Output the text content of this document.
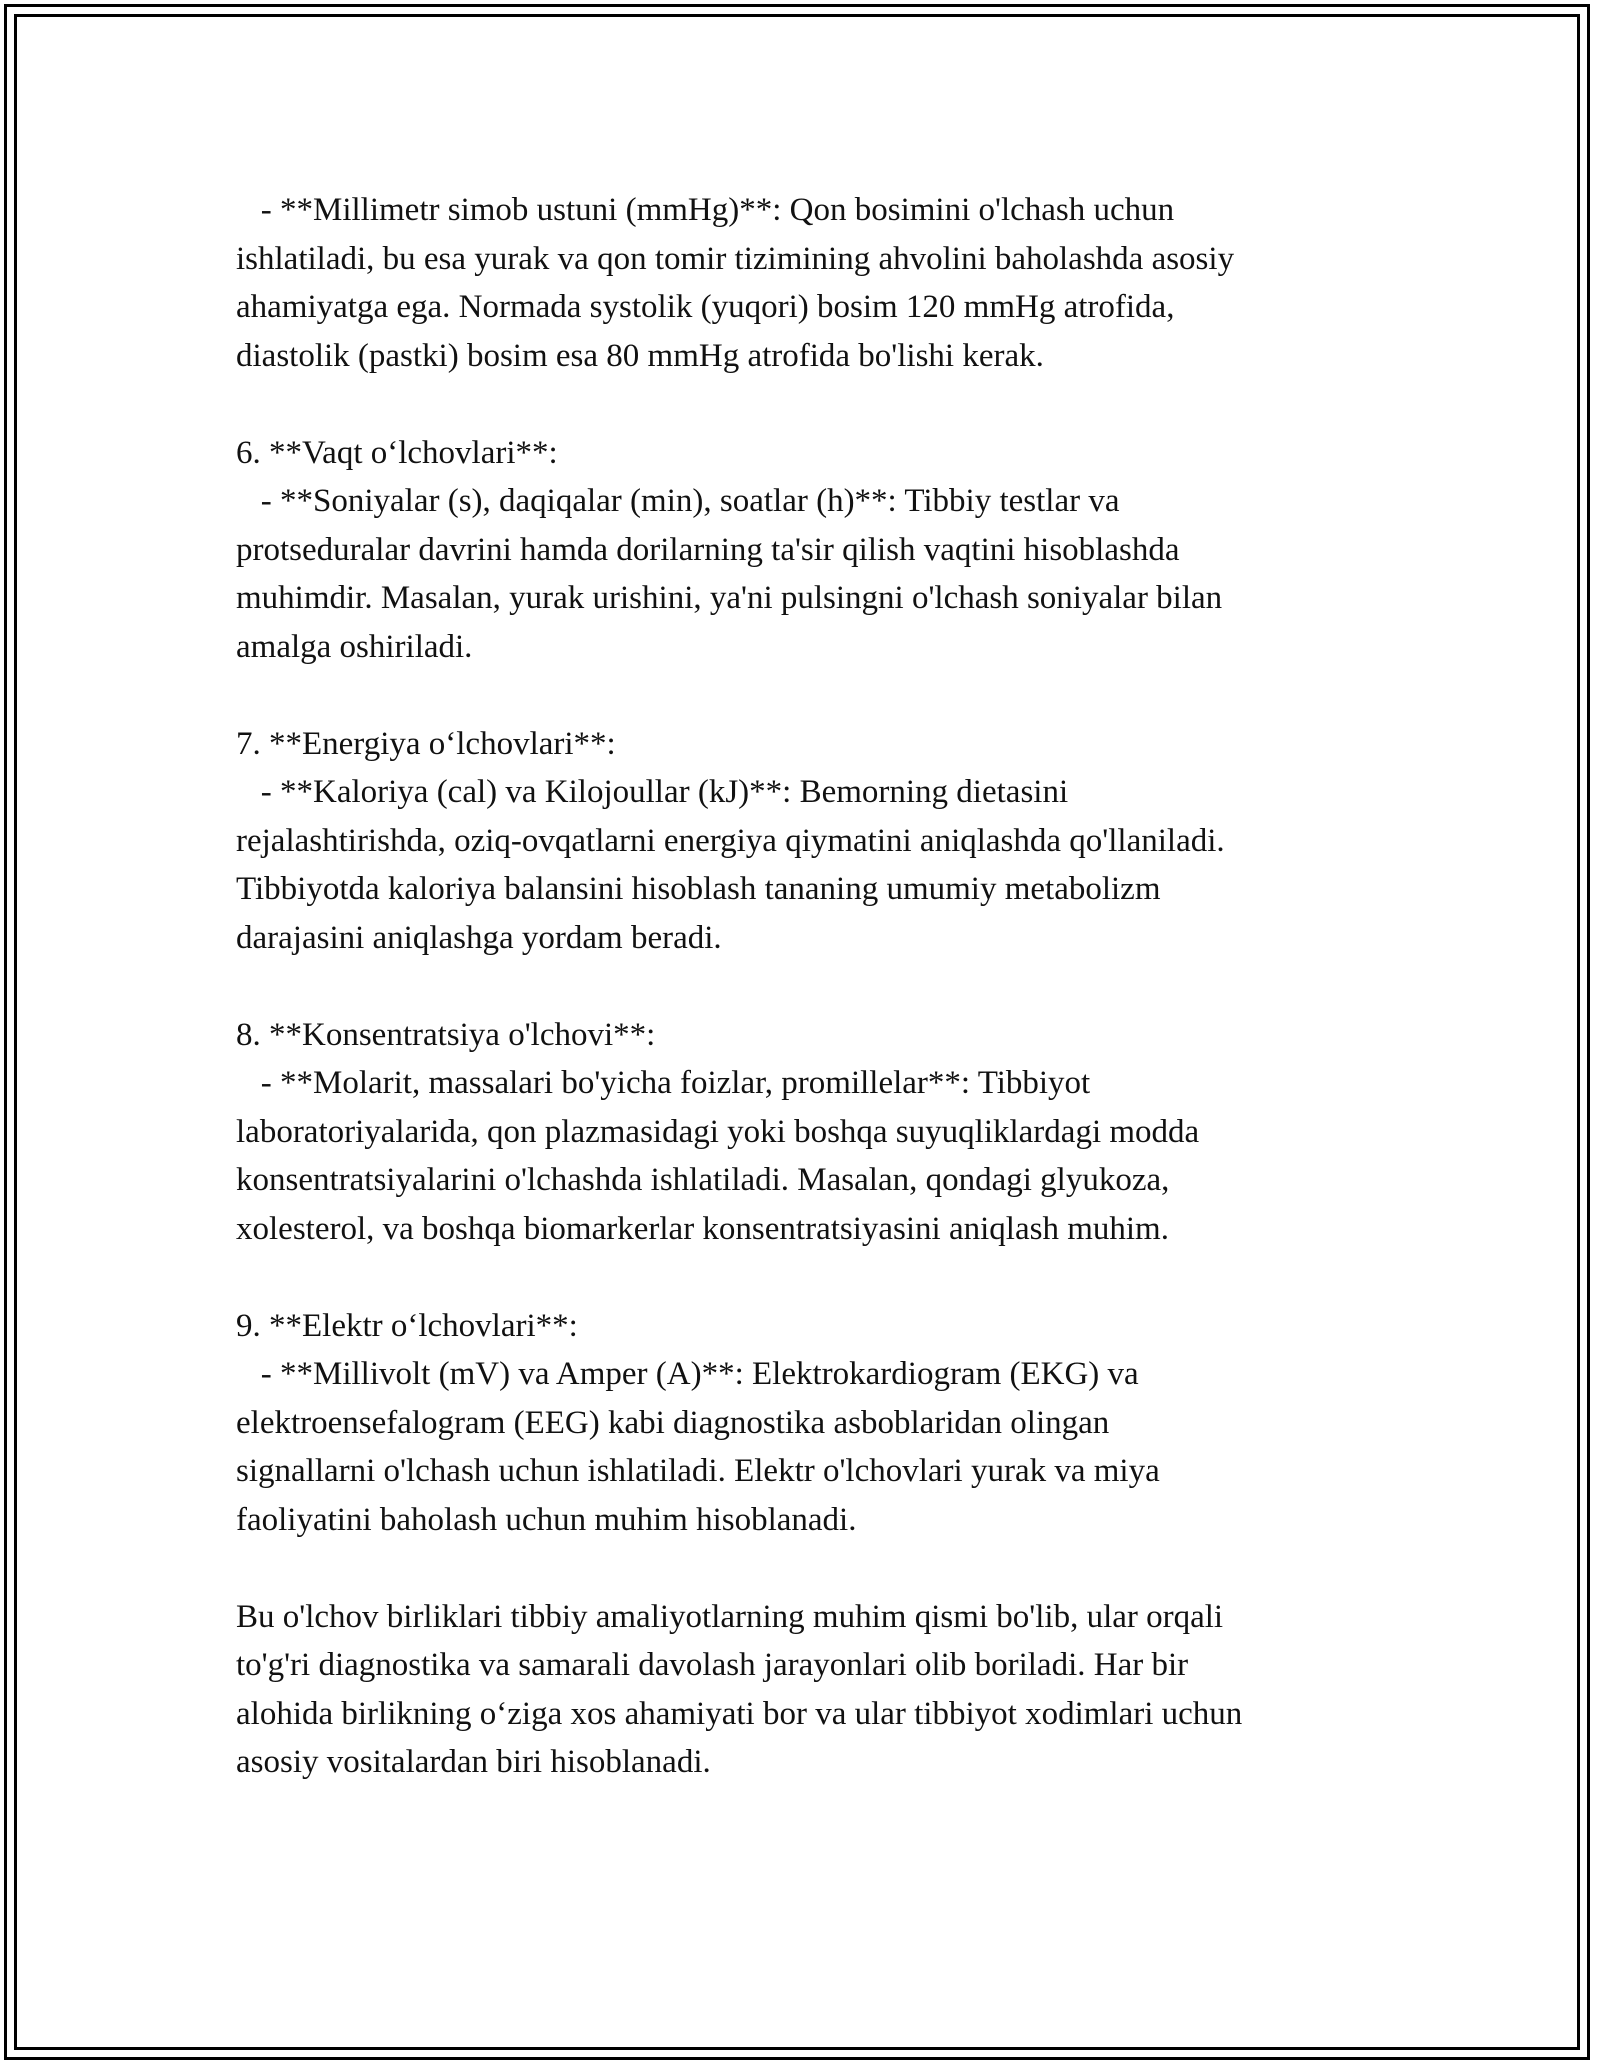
- **Millimetr simob ustuni (mmHg)**: Qon bosimini o'lchash uchun

ishlatiladi, bu esa yurak va qon tomir tizimining ahvolini baholashda asosiy

ahamiyatga ega. Normada systolik (yuqori) bosim 120 mmHg atrofida,

diastolik (pastki) bosim esa 80 mmHg atrofida bo'lishi kerak.

6. **Vaqt o‘lchovlari**:

- **Soniyalar (s), daqiqalar (min), soatlar (h)**: Tibbiy testlar va

protseduralar davrini hamda dorilarning ta'sir qilish vaqtini hisoblashda

muhimdir. Masalan, yurak urishini, ya'ni pulsingni o'lchash soniyalar bilan

amalga oshiriladi.

7. **Energiya o‘lchovlari**:

- **Kaloriya (cal) va Kilojoullar (kJ)**: Bemorning dietasini

rejalashtirishda, oziq-ovqatlarni energiya qiymatini aniqlashda qo'llaniladi.

Tibbiyotda kaloriya balansini hisoblash tananing umumiy metabolizm

darajasini aniqlashga yordam beradi.

8. **Konsentratsiya o'lchovi**:

- **Molarit, massalari bo'yicha foizlar, promillelar**: Tibbiyot

laboratoriyalarida, qon plazmasidagi yoki boshqa suyuqliklardagi modda

konsentratsiyalarini o'lchashda ishlatiladi. Masalan, qondagi glyukoza,

xolesterol, va boshqa biomarkerlar konsentratsiyasini aniqlash muhim.

9. **Elektr o‘lchovlari**:

- **Millivolt (mV) va Amper (A)**: Elektrokardiogram (EKG) va

elektroensefalogram (EEG) kabi diagnostika asboblaridan olingan

signallarni o'lchash uchun ishlatiladi. Elektr o'lchovlari yurak va miya

faoliyatini baholash uchun muhim hisoblanadi.

Bu o'lchov birliklari tibbiy amaliyotlarning muhim qismi bo'lib, ular orqali

to'g'ri diagnostika va samarali davolash jarayonlari olib boriladi. Har bir

alohida birlikning o‘ziga xos ahamiyati bor va ular tibbiyot xodimlari uchun

asosiy vositalardan biri hisoblanadi.
